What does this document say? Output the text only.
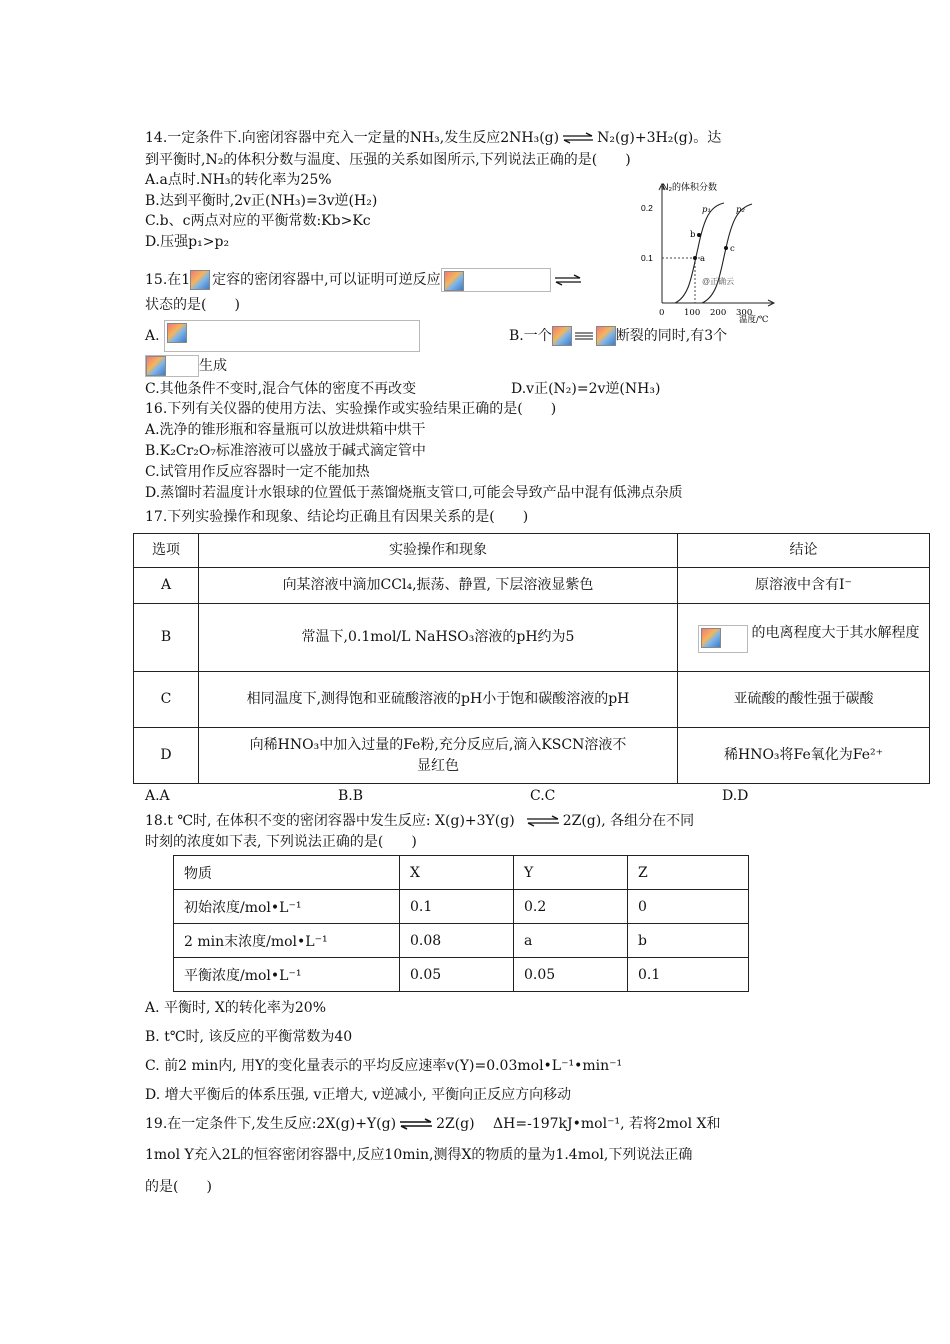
14.一定条件下.向密闭容器中充入一定量的NH₃,发生反应2NH₃(g) ⇌ N₂(g)+3H₂(g)。达
到平衡时,N₂的体积分数与温度、压强的关系如图所示,下列说法正确的是(　　)
A.a点时.NH₃的转化率为25%
B.达到平衡时,2v正(NH₃)=3v逆(H₂)
C.b、c两点对应的平衡常数:Kb>Kc
D.压强p₁>p₂
N₂的体积分数
0.2
0.1
p₁	p₂
b
a
c
@正确云
0 100 200 300
温度/℃
15.在1 定容的密闭容器中,可以证明可逆反应
状态的是(　　)
A.	B.一个	断裂的同时,有3个
生成
C.其他条件不变时,混合气体的密度不再改变	D.v正(N₂)=2v逆(NH₃)
16.下列有关仪器的使用方法、实验操作或实验结果正确的是(　　)
A.洗净的锥形瓶和容量瓶可以放进烘箱中烘干
B.K₂Cr₂O₇标准溶液可以盛放于碱式滴定管中
C.试管用作反应容器时一定不能加热
D.蒸馏时若温度计水银球的位置低于蒸馏烧瓶支管口,可能会导致产品中混有低沸点杂质
17.下列实验操作和现象、结论均正确且有因果关系的是(　　)
选项	实验操作和现象	结论
A	向某溶液中滴加CCl₄,振荡、静置, 下层溶液显紫色	原溶液中含有I⁻
B	常温下,0.1mol/L NaHSO₃溶液的pH约为5	的电离程度大于其水解程度
C	相同温度下,测得饱和亚硫酸溶液的pH小于饱和碳酸溶液的pH	亚硫酸的酸性强于碳酸
D	向稀HNO₃中加入过量的Fe粉,充分反应后,滴入KSCN溶液不显红色	稀HNO₃将Fe氧化为Fe²⁺
A.A	B.B	C.C	D.D
18.t ℃时, 在体积不变的密闭容器中发生反应: X(g)+3Y(g) ⇌ 2Z(g), 各组分在不同
时刻的浓度如下表, 下列说法正确的是(　　)
物质	X	Y	Z
初始浓度/mol•L⁻¹	0.1	0.2	0
2 min末浓度/mol•L⁻¹	0.08	a	b
平衡浓度/mol•L⁻¹	0.05	0.05	0.1
A. 平衡时, X的转化率为20%
B. t℃时, 该反应的平衡常数为40
C. 前2 min内, 用Y的变化量表示的平均反应速率v(Y)=0.03mol•L⁻¹•min⁻¹
D. 增大平衡后的体系压强, v正增大, v逆减小, 平衡向正反应方向移动
19.在一定条件下,发生反应:2X(g)+Y(g) ⇌ 2Z(g)　 ΔH=-197kJ•mol⁻¹, 若将2mol X和
1mol Y充入2L的恒容密闭容器中,反应10min,测得X的物质的量为1.4mol,下列说法正确
的是(　　)
